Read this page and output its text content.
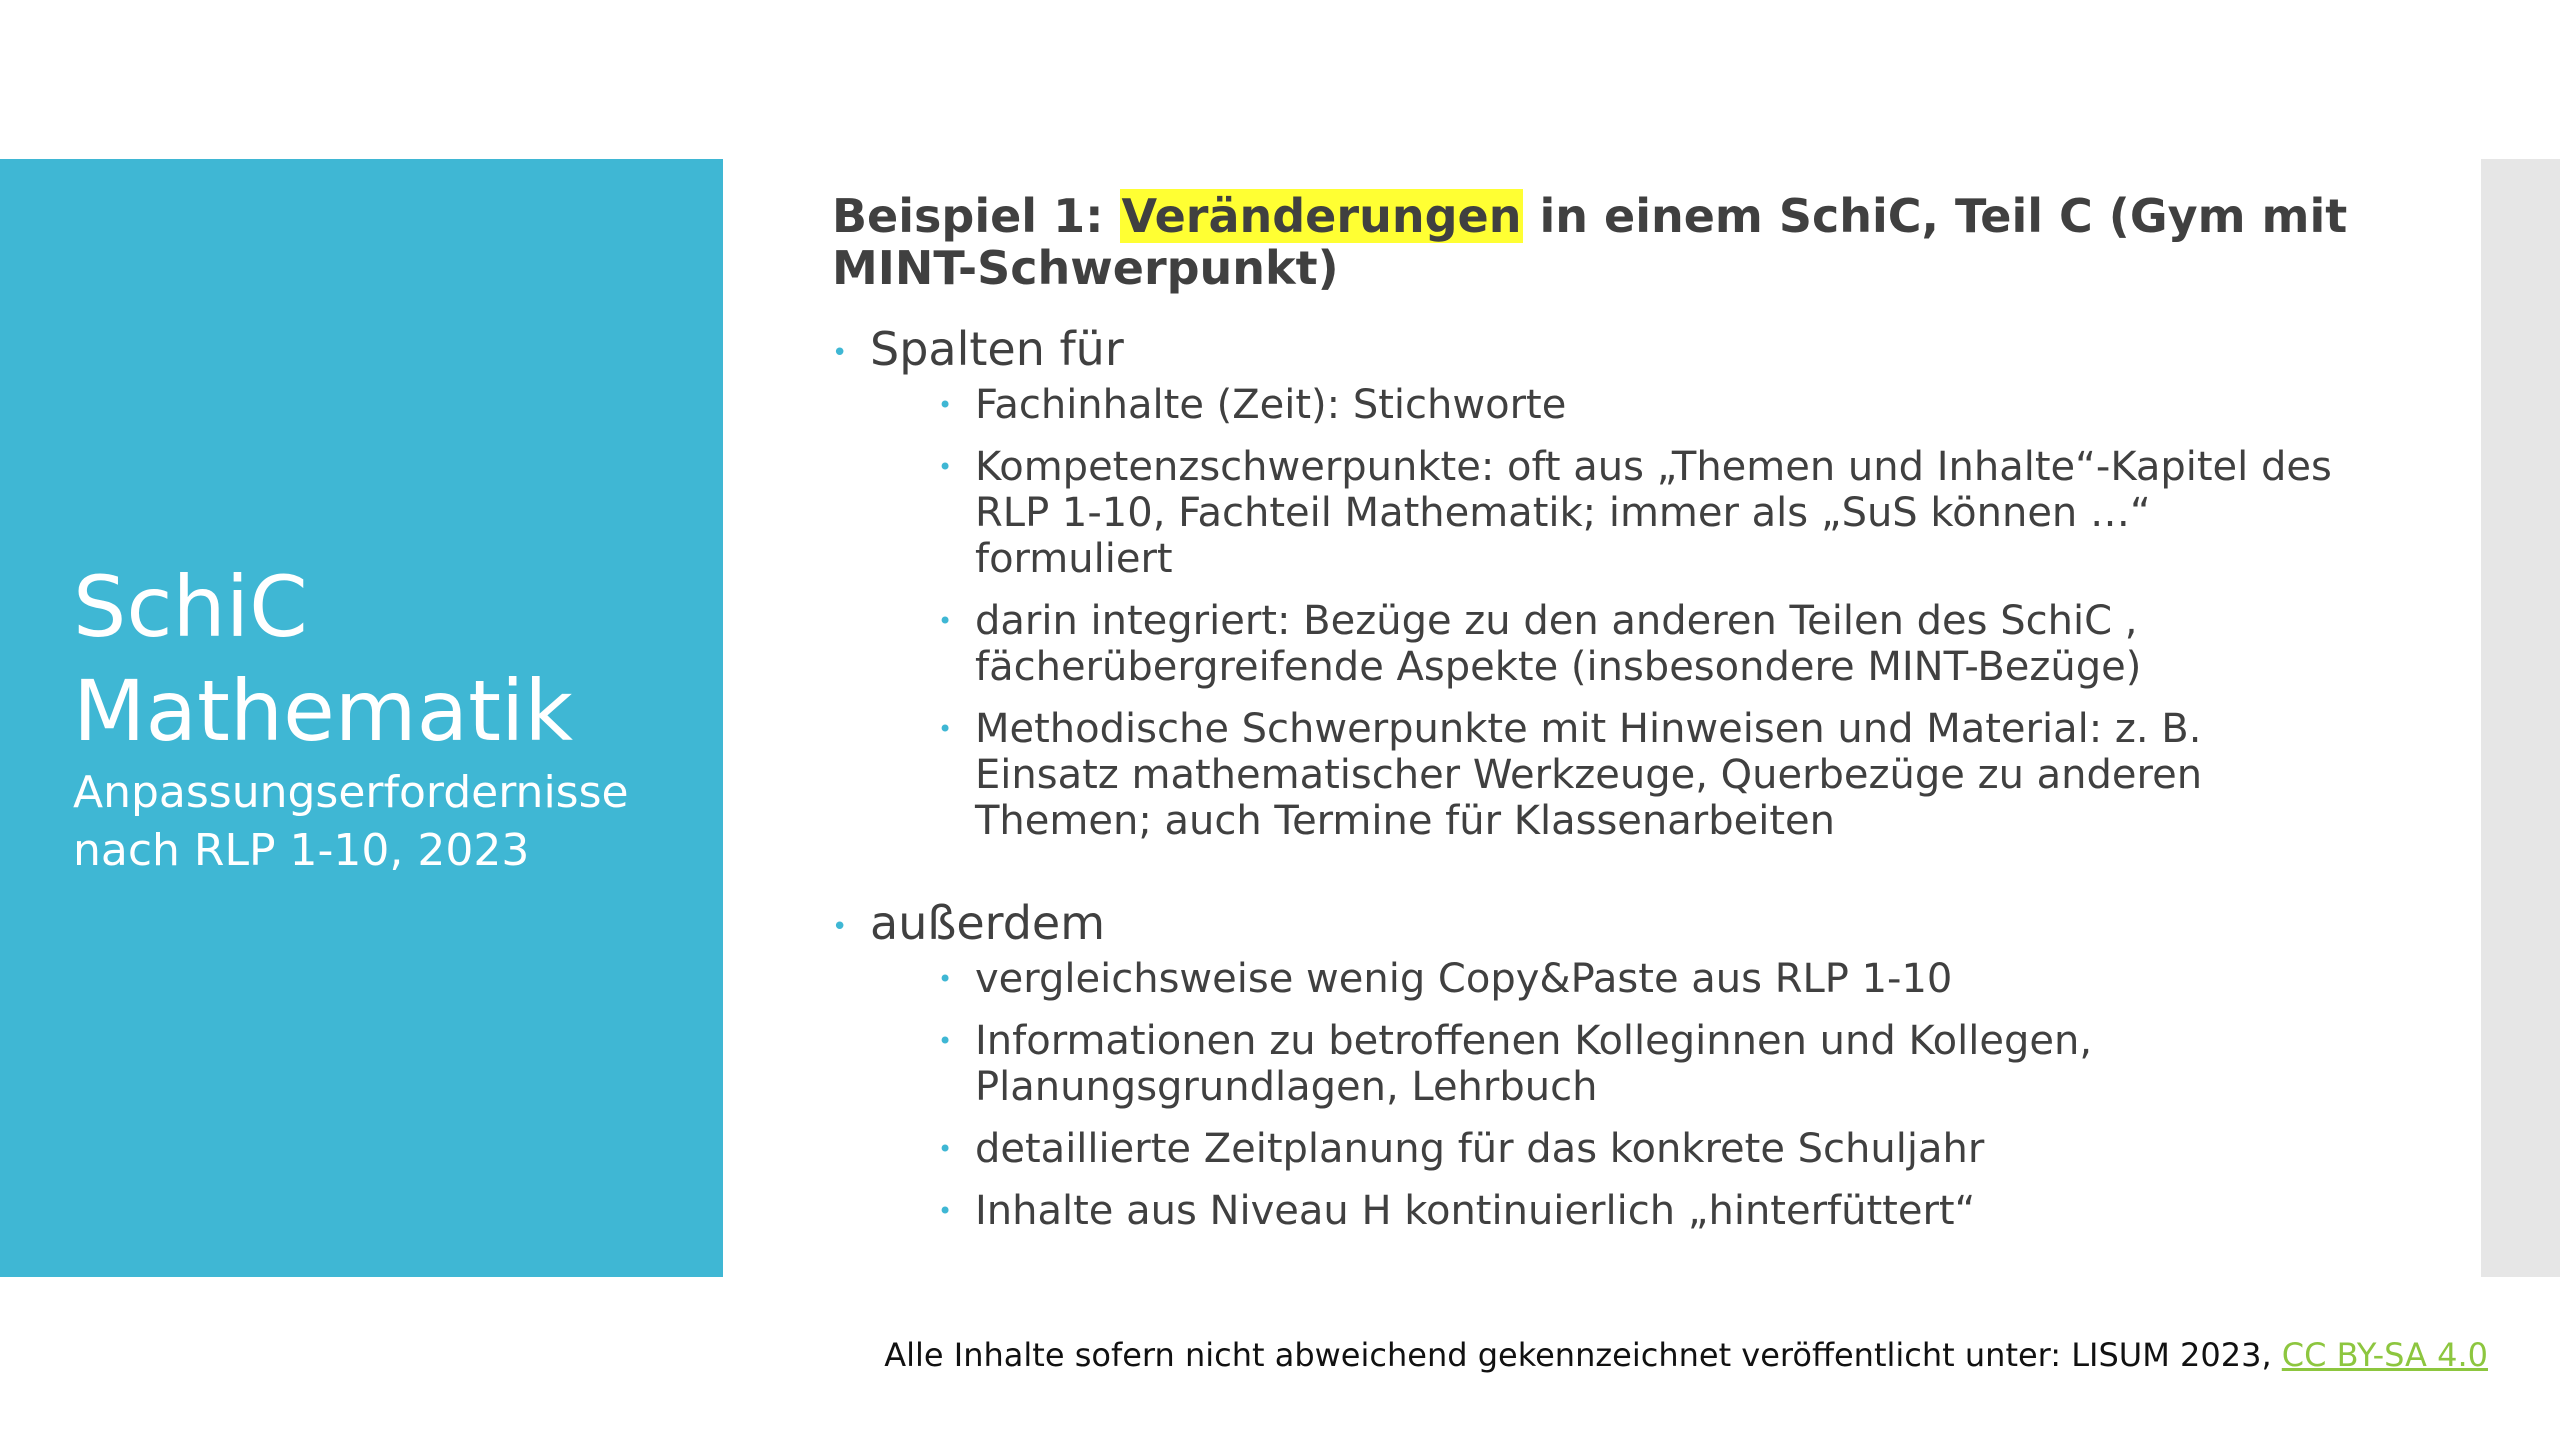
SchiC
Mathematik
Anpassungserfordernisse
nach RLP 1-10, 2023
Beispiel 1: Veränderungen in einem SchiC, Teil C (Gym mit MINT-Schwerpunkt)
• Spalten für
• Fachinhalte (Zeit): Stichworte
• Kompetenzschwerpunkte: oft aus „Themen und Inhalte“-Kapitel des RLP 1-10, Fachteil Mathematik; immer als „SuS können …“ formuliert
• darin integriert: Bezüge zu den anderen Teilen des SchiC , fächerübergreifende Aspekte (insbesondere MINT-Bezüge)
• Methodische Schwerpunkte mit Hinweisen und Material: z. B. Einsatz mathematischer Werkzeuge, Querbezüge zu anderen Themen; auch Termine für Klassenarbeiten
• außerdem
• vergleichsweise wenig Copy&Paste aus RLP 1-10
• Informationen zu betroffenen Kolleginnen und Kollegen, Planungsgrundlagen, Lehrbuch
• detaillierte Zeitplanung für das konkrete Schuljahr
• Inhalte aus Niveau H kontinuierlich „hinterfüttert“
Alle Inhalte sofern nicht abweichend gekennzeichnet veröffentlicht unter: LISUM 2023, CC BY-SA 4.0
